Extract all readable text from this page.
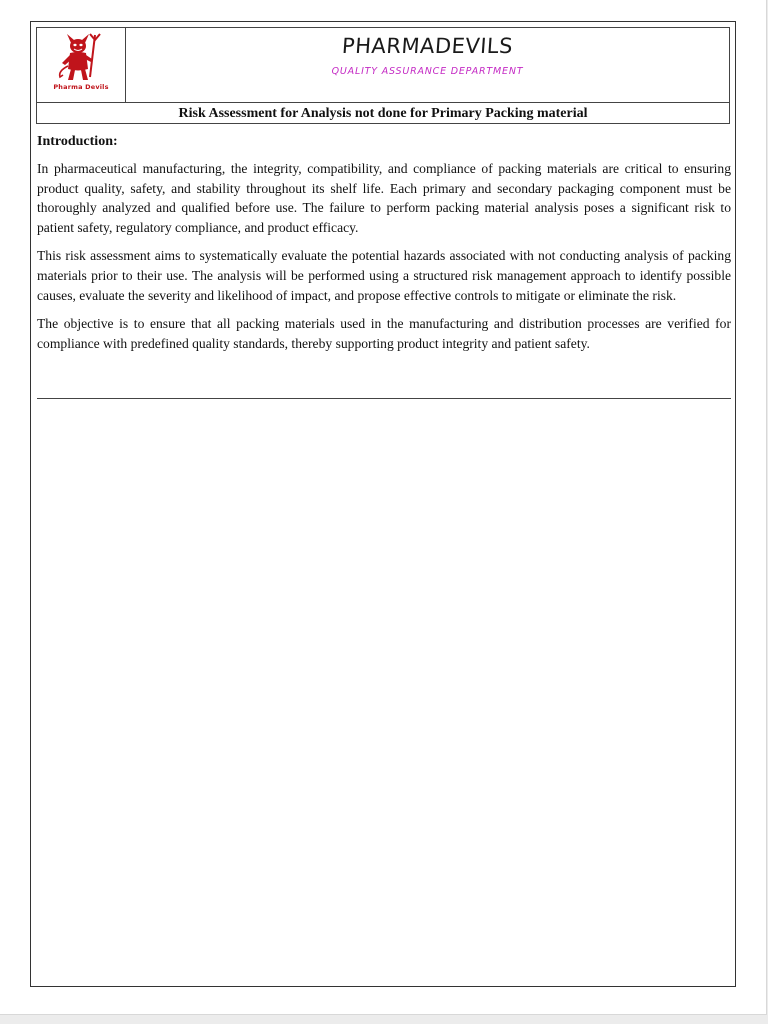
Pharma Devils
PHARMADEVILS
QUALITY ASSURANCE DEPARTMENT
Risk Assessment for Analysis not done for Primary Packing material
Introduction:

In pharmaceutical manufacturing, the integrity, compatibility, and compliance of packing materials are critical to ensuring product quality, safety, and stability throughout its shelf life. Each primary and secondary packaging component must be thoroughly analyzed and qualified before use. The failure to perform packing material analysis poses a significant risk to patient safety, regulatory compliance, and product efficacy.

This risk assessment aims to systematically evaluate the potential hazards associated with not conducting analysis of packing materials prior to their use. The analysis will be performed using a structured risk management approach to identify possible causes, evaluate the severity and likelihood of impact, and propose effective controls to mitigate or eliminate the risk.

The objective is to ensure that all packing materials used in the manufacturing and distribution processes are verified for compliance with predefined quality standards, thereby supporting product integrity and patient safety.
